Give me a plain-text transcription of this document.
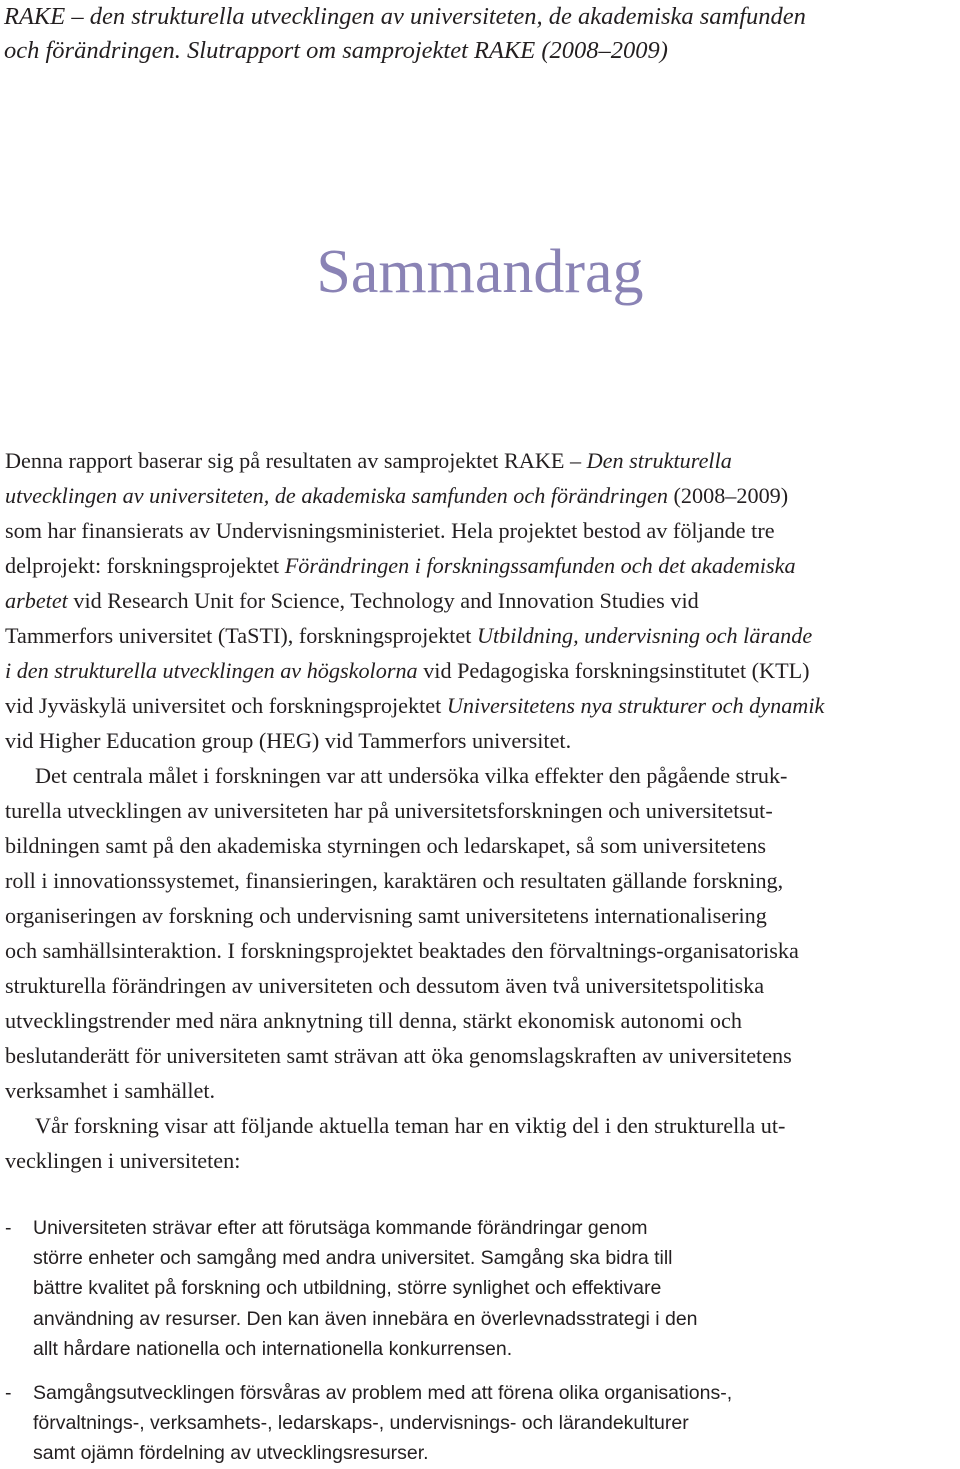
RAKE – den strukturella utvecklingen av universiteten, de akademiska samfunden
och förändringen. Slutrapport om samprojektet RAKE (2008–2009)
Sammandrag
Denna rapport baserar sig på resultaten av samprojektet RAKE – Den strukturella
utvecklingen av universiteten, de akademiska samfunden och förändringen (2008–2009)
som har finansierats av Undervisningsministeriet. Hela projektet bestod av följande tre
delprojekt: forskningsprojektet Förändringen i forskningssamfunden och det akademiska
arbetet vid Research Unit for Science, Technology and Innovation Studies vid
Tammerfors universitet (TaSTI), forskningsprojektet Utbildning, undervisning och lärande
i den strukturella utvecklingen av högskolorna vid Pedagogiska forskningsinstitutet (KTL)
vid Jyväskylä universitet och forskningsprojektet Universitetens nya strukturer och dynamik
vid Higher Education group (HEG) vid Tammerfors universitet.
Det centrala målet i forskningen var att undersöka vilka effekter den pågående struk-
turella utvecklingen av universiteten har på universitetsforskningen och universitetsut-
bildningen samt på den akademiska styrningen och ledarskapet, så som universitetens
roll i innovationssystemet, finansieringen, karaktären och resultaten gällande forskning,
organiseringen av forskning och undervisning samt universitetens internationalisering
och samhällsinteraktion. I forskningsprojektet beaktades den förvaltnings-organisatoriska
strukturella förändringen av universiteten och dessutom även två universitetspolitiska
utvecklingstrender med nära anknytning till denna, stärkt ekonomisk autonomi och
beslutanderätt för universiteten samt strävan att öka genomslagskraften av universitetens
verksamhet i samhället.
Vår forskning visar att följande aktuella teman har en viktig del i den strukturella ut-
vecklingen i universiteten:
- Universiteten strävar efter att förutsäga kommande förändringar genom
större enheter och samgång med andra universitet. Samgång ska bidra till
bättre kvalitet på forskning och utbildning, större synlighet och effektivare
användning av resurser. Den kan även innebära en överlevnadsstrategi i den
allt hårdare nationella och internationella konkurrensen.
- Samgångsutvecklingen försvåras av problem med att förena olika organisations-,
förvaltnings-, verksamhets-, ledarskaps-, undervisnings- och lärandekulturer
samt ojämn fördelning av utvecklingsresurser.
